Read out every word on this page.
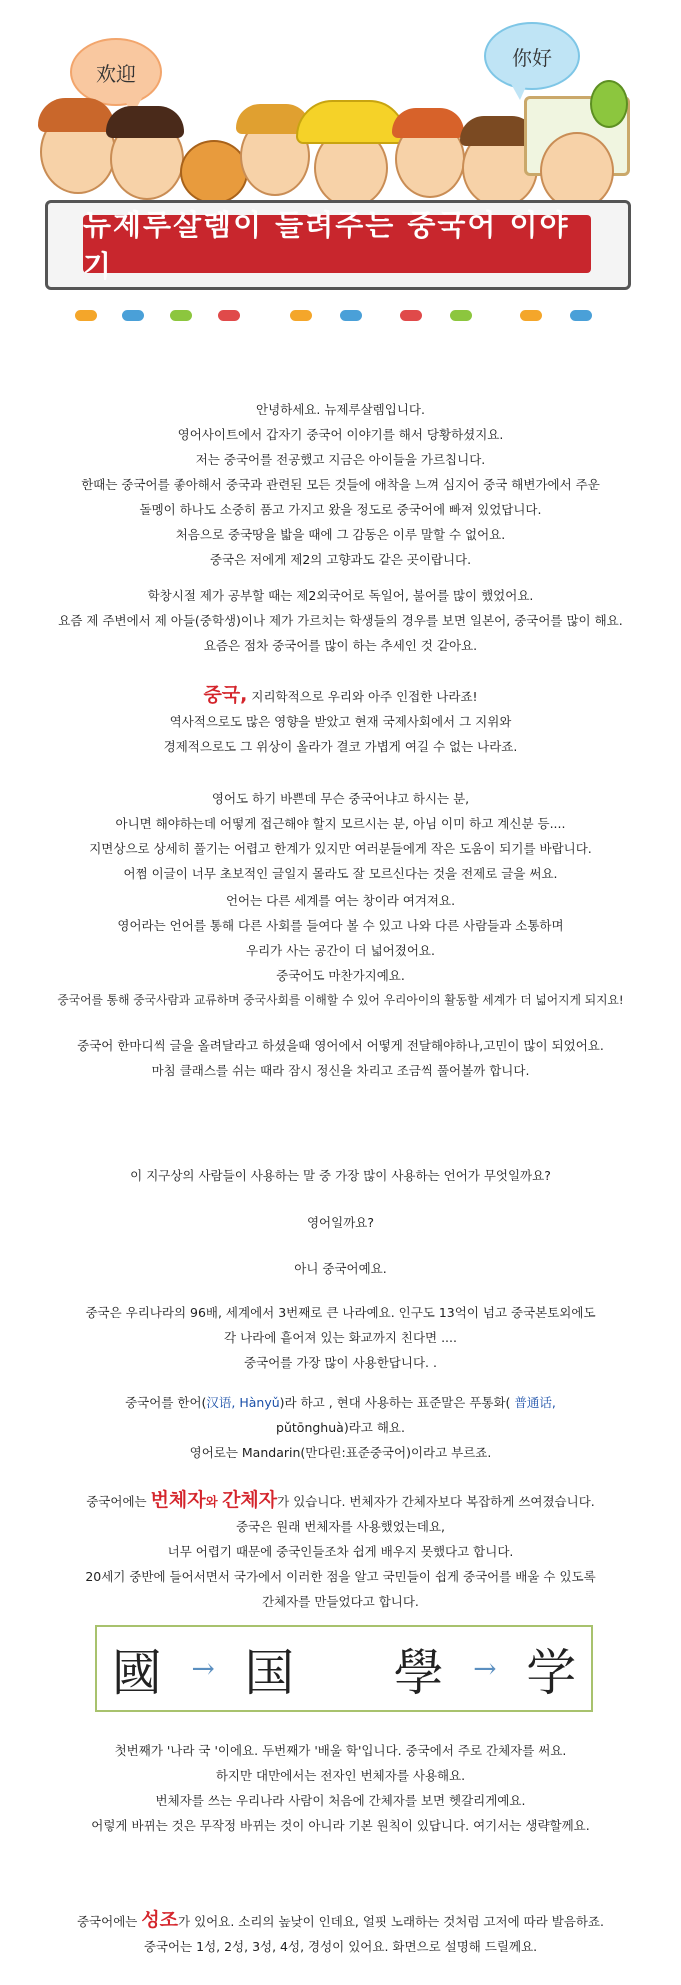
欢迎
你好
뉴제루살렘이 들려주는 중국어 이야기
안녕하세요. 뉴제루살렘입니다.
영어사이트에서 갑자기 중국어 이야기를 해서 당황하셨지요.
저는 중국어를 전공했고 지금은 아이들을 가르칩니다.
한때는 중국어를 좋아해서 중국과 관련된 모든 것들에 애착을 느껴 심지어 중국 해변가에서 주운
돌멩이 하나도 소중히 품고 가지고 왔을 정도로 중국어에 빠져 있었답니다.
처음으로 중국땅을 밟을 때에 그 감동은 이루 말할 수 없어요.
중국은 저에게 제2의 고향과도 같은 곳이랍니다.
학창시절 제가 공부할 때는 제2외국어로 독일어, 불어를 많이 했었어요.
요즘 제 주변에서 제 아들(중학생)이나 제가 가르치는 학생들의 경우를 보면 일본어, 중국어를 많이 해요.
요즘은 점차 중국어를 많이 하는 추세인 것 같아요.
중국, 지리학적으로 우리와 아주 인접한 나라죠!
역사적으로도 많은 영향을 받았고 현재 국제사회에서 그 지위와
경제적으로도 그 위상이 올라가 결코 가볍게 여길 수 없는 나라죠.
영어도 하기 바쁜데 무슨 중국어냐고 하시는 분,
아니면 해야하는데 어떻게 접근해야 할지 모르시는 분, 아님 이미 하고 계신분 등....
지면상으로 상세히 풀기는 어렵고 한계가 있지만 여러분들에게 작은 도움이 되기를 바랍니다.
어쩜 이글이 너무 초보적인 글일지 몰라도 잘 모르신다는 것을 전제로 글을 써요.
언어는 다른 세계를 여는 창이라 여겨져요.
영어라는 언어를 통해 다른 사회를 들여다 볼 수 있고 나와 다른 사람들과 소통하며
우리가 사는 공간이 더 넓어졌어요.
중국어도 마찬가지예요.
중국어를 통해 중국사람과 교류하며 중국사회를 이해할 수 있어 우리아이의 활동할 세계가 더 넓어지게 되지요!
중국어 한마디씩 글을 올려달라고 하셨을때 영어에서 어떻게 전달해야하나,고민이 많이 되었어요.
마침 클래스를 쉬는 때라 잠시 정신을 차리고 조금씩 풀어볼까 합니다.
이 지구상의 사람들이 사용하는 말 중 가장 많이 사용하는 언어가 무엇일까요?
영어일까요?
아니 중국어예요.
중국은 우리나라의 96배, 세계에서 3번째로 큰 나라예요. 인구도 13억이 넘고 중국본토외에도
각 나라에 흩어져 있는 화교까지 친다면 ....
중국어를 가장 많이 사용한답니다. .
중국어를 한어(汉语, Hànyǔ)라 하고 , 현대 사용하는 표준말은 푸통화( 普通话,
pǔtōnghuà)라고 해요.
영어로는 Mandarin(만다린:표준중국어)이라고 부르죠.
중국어에는 번체자와 간체자가 있습니다. 번체자가 간체자보다 복잡하게 쓰여졌습니다.
중국은 원래 번체자를 사용했었는데요,
너무 어렵기 때문에 중국인들조차 쉽게 배우지 못했다고 합니다.
20세기 중반에 들어서면서 국가에서 이러한 점을 알고 국민들이 쉽게 중국어를 배울 수 있도록
간체자를 만들었다고 합니다.
國 → 国 學 → 学
첫번째가 '나라 국 '이에요. 두번째가 '배울 학'입니다. 중국에서 주로 간체자를 써요.
하지만 대만에서는 전자인 번체자를 사용해요.
번체자를 쓰는 우리나라 사람이 처음에 간체자를 보면 헷갈리게예요.
어렇게 바뀌는 것은 무작정 바뀌는 것이 아니라 기본 원칙이 있답니다. 여기서는 생략할께요.
중국어에는 성조가 있어요. 소리의 높낮이 인데요, 얼핏 노래하는 것처럼 고저에 따라 발음하죠.
중국어는 1성, 2성, 3성, 4성, 경성이 있어요. 화면으로 설명해 드릴께요.
